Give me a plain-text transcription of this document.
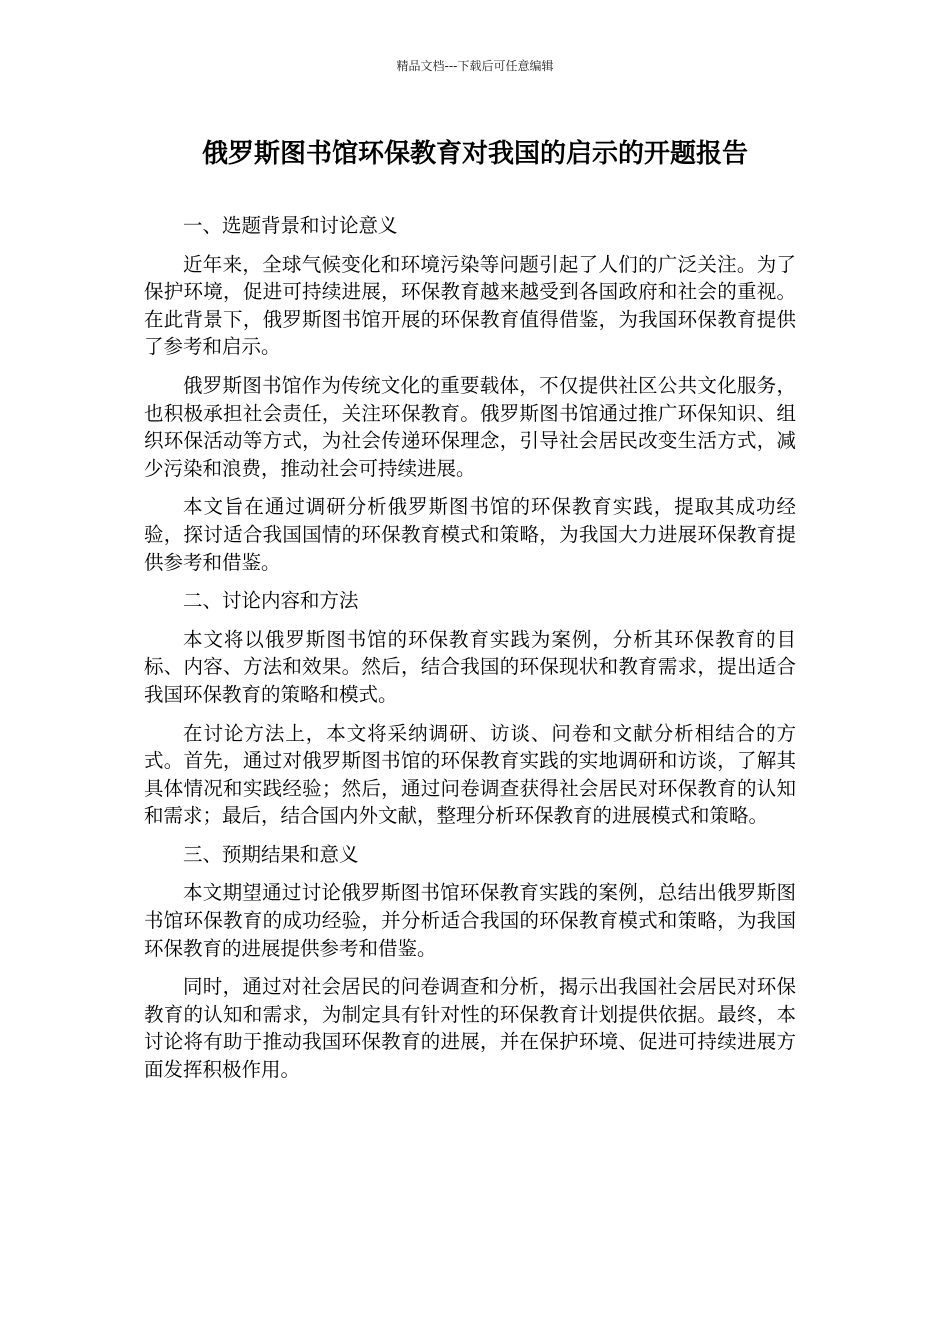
精品文档---下载后可任意编辑
俄罗斯图书馆环保教育对我国的启示的开题报告

一、选题背景和讨论意义

近年来，全球气候变化和环境污染等问题引起了人们的广泛关注。为了保护环境，促进可持续进展，环保教育越来越受到各国政府和社会的重视。在此背景下，俄罗斯图书馆开展的环保教育值得借鉴，为我国环保教育提供了参考和启示。

俄罗斯图书馆作为传统文化的重要载体，不仅提供社区公共文化服务，也积极承担社会责任，关注环保教育。俄罗斯图书馆通过推广环保知识、组织环保活动等方式，为社会传递环保理念，引导社会居民改变生活方式，减少污染和浪费，推动社会可持续进展。

本文旨在通过调研分析俄罗斯图书馆的环保教育实践，提取其成功经验，探讨适合我国国情的环保教育模式和策略，为我国大力进展环保教育提供参考和借鉴。

二、讨论内容和方法

本文将以俄罗斯图书馆的环保教育实践为案例，分析其环保教育的目标、内容、方法和效果。然后，结合我国的环保现状和教育需求，提出适合我国环保教育的策略和模式。

在讨论方法上，本文将采纳调研、访谈、问卷和文献分析相结合的方式。首先，通过对俄罗斯图书馆的环保教育实践的实地调研和访谈，了解其具体情况和实践经验；然后，通过问卷调查获得社会居民对环保教育的认知和需求；最后，结合国内外文献，整理分析环保教育的进展模式和策略。

三、预期结果和意义

本文期望通过讨论俄罗斯图书馆环保教育实践的案例，总结出俄罗斯图书馆环保教育的成功经验，并分析适合我国的环保教育模式和策略，为我国环保教育的进展提供参考和借鉴。

同时，通过对社会居民的问卷调查和分析，揭示出我国社会居民对环保教育的认知和需求，为制定具有针对性的环保教育计划提供依据。最终，本讨论将有助于推动我国环保教育的进展，并在保护环境、促进可持续进展方面发挥积极作用。
